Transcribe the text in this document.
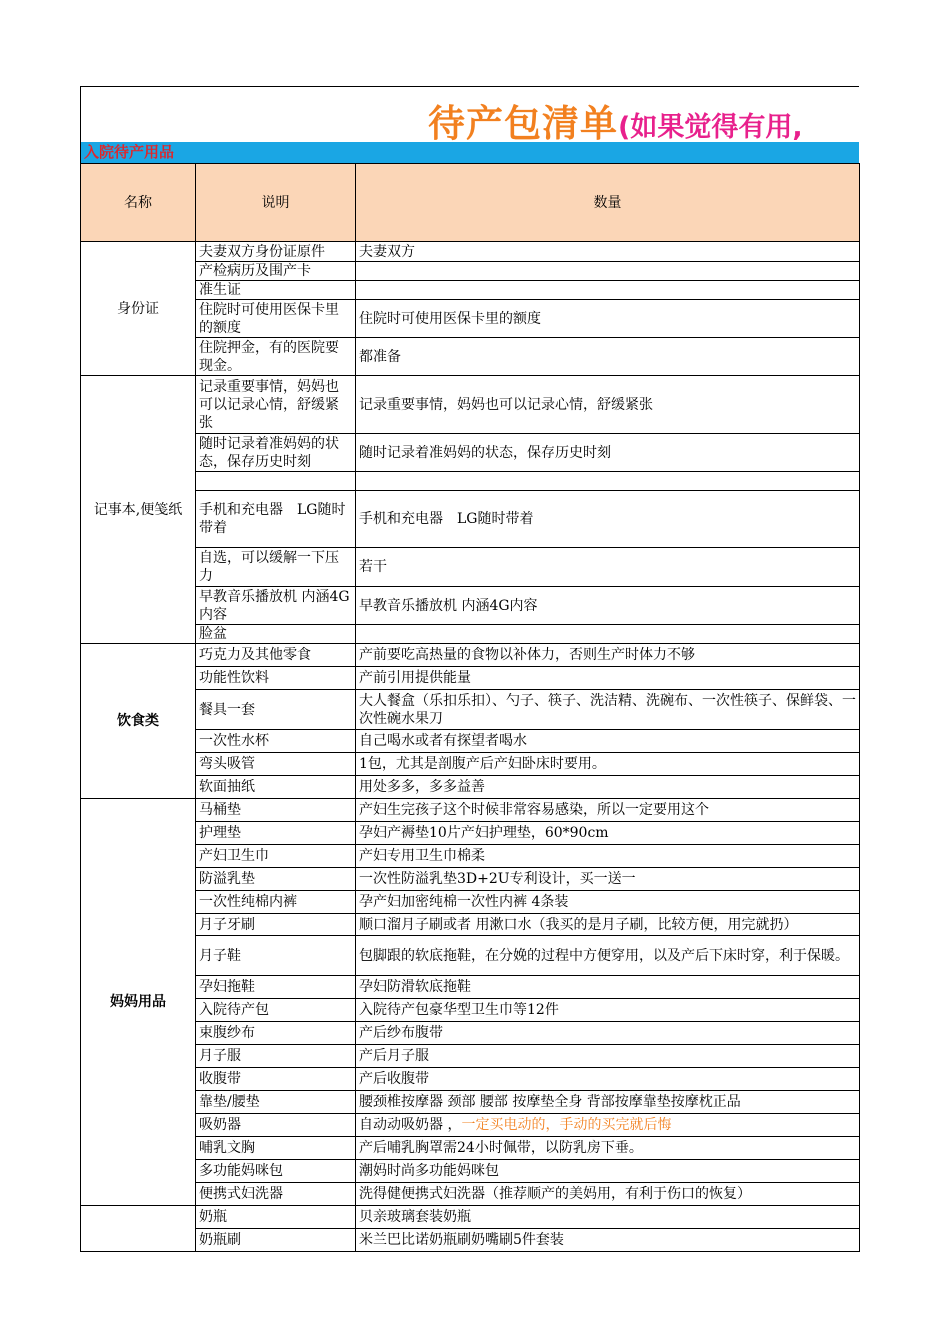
待产包清单(如果觉得有用,
入院待产用品
名称	说明	数量
身份证	夫妻双方身份证原件	夫妻双方
	产检病历及围产卡	
	准生证	
	住院时可使用医保卡里的额度	住院时可使用医保卡里的额度
	住院押金，有的医院要现金。	都准备
记事本,便笺纸	记录重要事情，妈妈也可以记录心情，舒缓紧张	记录重要事情，妈妈也可以记录心情，舒缓紧张
	随时记录着准妈妈的状态，保存历史时刻	随时记录着准妈妈的状态，保存历史时刻

	手机和充电器　LG随时带着	手机和充电器　LG随时带着
	自选，可以缓解一下压力	若干
	早教音乐播放机 内涵4G内容	早教音乐播放机 内涵4G内容
	脸盆	
饮食类	巧克力及其他零食	产前要吃高热量的食物以补体力，否则生产时体力不够
	功能性饮料	产前引用提供能量
	餐具一套	大人餐盒（乐扣乐扣）、勺子、筷子、洗洁精、洗碗布、一次性筷子、保鲜袋、一次性碗水果刀
	一次性水杯	自己喝水或者有探望者喝水
	弯头吸管	1包，尤其是剖腹产后产妇卧床时要用。
	软面抽纸	用处多多，多多益善
妈妈用品	马桶垫	产妇生完孩子这个时候非常容易感染，所以一定要用这个
	护理垫	孕妇产褥垫10片产妇护理垫，60*90cm
	产妇卫生巾	产妇专用卫生巾棉柔
	防溢乳垫	一次性防溢乳垫3D+2U专利设计，买一送一
	一次性纯棉内裤	孕产妇加密纯棉一次性内裤 4条装
	月子牙刷	顺口溜月子刷或者 用漱口水（我买的是月子刷，比较方便，用完就扔）
	月子鞋	包脚跟的软底拖鞋，在分娩的过程中方便穿用，以及产后下床时穿，利于保暖。
	孕妇拖鞋	孕妇防滑软底拖鞋
	入院待产包	入院待产包豪华型卫生巾等12件
	束腹纱布	产后纱布腹带
	月子服	产后月子服
	收腹带	产后收腹带
	靠垫/腰垫	腰颈椎按摩器 颈部 腰部 按摩垫全身 背部按摩靠垫按摩枕正品
	吸奶器	自动动吸奶器 ，一定买电动的，手动的买完就后悔
	哺乳文胸	产后哺乳胸罩需24小时佩带，以防乳房下垂。
	多功能妈咪包	潮妈时尚多功能妈咪包
	便携式妇洗器	洗得健便携式妇洗器（推荐顺产的美妈用，有利于伤口的恢复）
	奶瓶	贝亲玻璃套装奶瓶
	奶瓶刷	米兰巴比诺奶瓶刷奶嘴刷5件套装
